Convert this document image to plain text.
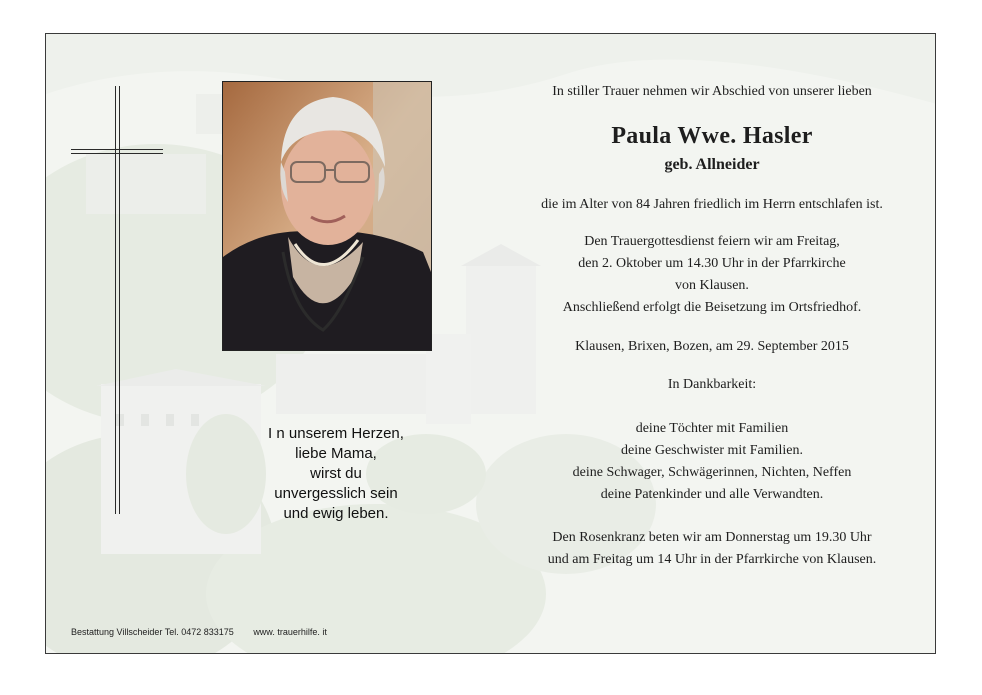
I n unserem Herzen,
liebe Mama,
wirst du
unvergesslich sein
und ewig leben.
In stiller Trauer nehmen wir Abschied von unserer lieben
Paula Wwe. Hasler
geb. Allneider
die im Alter von 84 Jahren friedlich im Herrn entschlafen ist.
Den Trauergottesdienst feiern wir am Freitag,
den 2. Oktober um 14.30 Uhr in der Pfarrkirche
von Klausen.
Anschließend erfolgt die Beisetzung im Ortsfriedhof.
Klausen, Brixen, Bozen, am 29. September 2015
In Dankbarkeit:
deine Töchter mit Familien
deine Geschwister mit Familien.
deine Schwager, Schwägerinnen, Nichten, Neffen
deine Patenkinder und alle Verwandten.
Den Rosenkranz beten wir am Donnerstag um 19.30 Uhr
und am Freitag um 14 Uhr in der Pfarrkirche von Klausen.
Bestattung Villscheider Tel. 0472 833175 www. trauerhilfe. it
